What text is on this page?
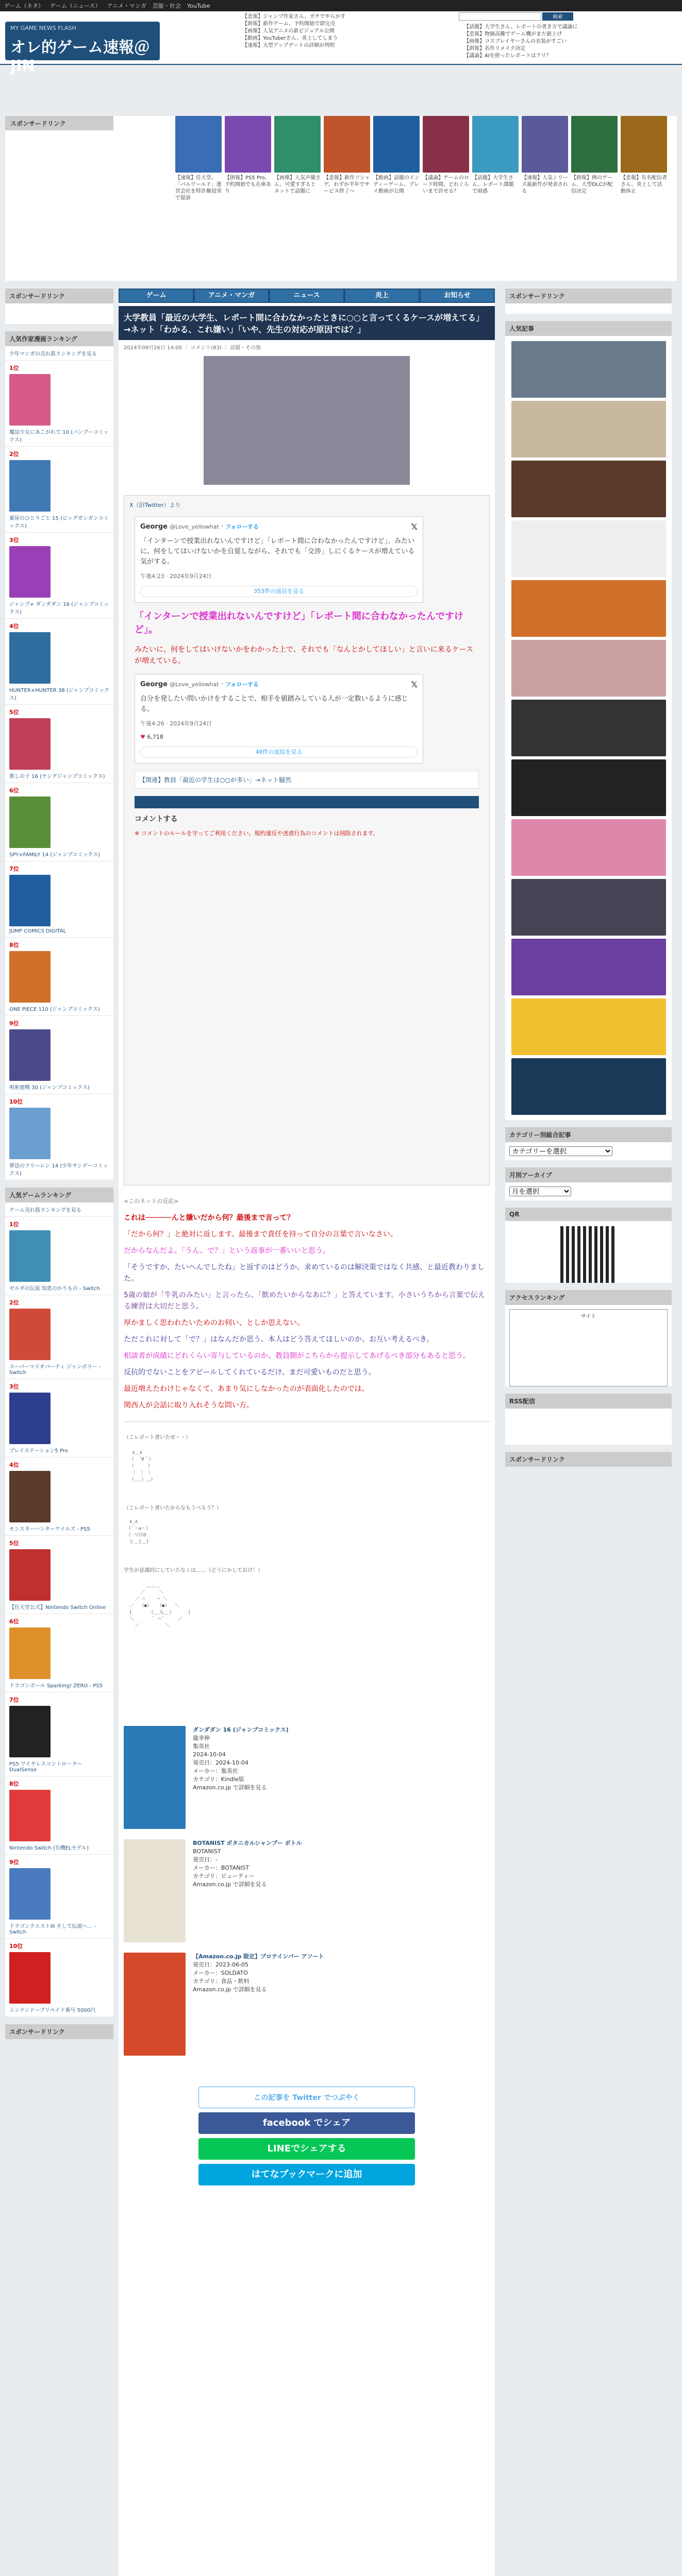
ゲーム（ネタ） ゲーム（ニュース） アニメ・マンガ 芸能・社会 YouTube
MY GAME NEWS FLASH
オレ的ゲーム速報＠JIN
【悲報】ジャンプ作家さん、ガチでやらかす
【朗報】新作ゲーム、予約開始で即完売
【画像】人気アニメの新ビジュアル公開
【動画】YouTuberさん、炎上してしまう
【速報】大型アップデートの詳細が判明
【話題】大学生さん、レポートの書き方で議論に
【悲報】物価高騰でゲーム機がまた値上げ
【画像】コスプレイヤーさんの衣装がすごい
【朗報】名作リメイク決定
【議論】AIを使ったレポートはアリ？
検索
スポンサードリンク
【速報】任天堂、「パルワールド」運営会社を特許権侵害で提訴
【朗報】PS5 Pro、予約開始でも在庫あり
【画像】人気声優さん、可愛すぎるとネットで話題に
【悲報】新作ソシャゲ、わずか半年でサービス終了へ
【動画】話題のインディーゲーム、プレイ動画が公開
【議論】ゲームのロード時間、どれくらいまで許せる？
【話題】大学生さん、レポート課題で困惑
【速報】人気シリーズ最新作が発表される
【朗報】例のゲーム、大型DLCが配信決定
【悲報】有名配信者さん、炎上して活動休止
スポンサードリンク
人気作家漫画ランキング
少年マンガの売れ筋ランキングを見る
1位
魔法少女にあこがれて 10 (バンブーコミックス)
2位
薬屋のひとりごと 15 (ビッグガンガンコミックス)
3位
ジャンプ+ ダンダダン 16 (ジャンプコミックス)
4位
HUNTER×HUNTER 38 (ジャンプコミックス)
5位
推しの子 16 (ヤングジャンプコミックス)
6位
SPY×FAMILY 14 (ジャンプコミックス)
7位
JUMP COMICS DIGITAL
8位
ONE PIECE 110 (ジャンプコミックス)
9位
呪術廻戦 30 (ジャンプコミックス)
10位
葬送のフリーレン 14 (少年サンデーコミックス)
人気ゲームランキング
ゲーム売れ筋ランキングを見る
1位
ゼルダの伝説 知恵のかりもの - Switch
2位
スーパーマリオパーティ ジャンボリー - Switch
3位
プレイステーション5 Pro
4位
モンスターハンターワイルズ - PS5
5位
【任天堂公式】Nintendo Switch Online
6位
ドラゴンボール Sparking! ZERO - PS5
7位
PS5 ワイヤレスコントローラー DualSense
8位
Nintendo Switch (有機ELモデル)
9位
ドラゴンクエストIII そして伝説へ… - Switch
10位
ニンテンドープリペイド番号 5000円
スポンサードリンク
ゲーム	アニメ・マンガ	ニュース	炎上	お知らせ
大学教員「最近の大学生、レポート間に合わなかったときに○○と言ってくるケースが増えてる」→ネット「わかる、これ嫌い」「いや、先生の対応が原因では？」
2024年09月26日 14:00 ｜ コメント(83) ｜ 話題・その他
X（旧Twitter）より
George @Love_yellowhat · フォローする	𝕏

「インターンで授業出れないんですけど」「レポート間に合わなかったんですけど」、みたいに、何をしてはいけないかを自覚しながら、それでも「交渉」しにくるケースが増えている気がする。

午後4:23 · 2024年9月24日
353件の返信を見る
「インターンで授業出れないんですけど」「レポート間に合わなかったんですけど」。
みたいに、何をしてはいけないかをわかった上で、それでも「なんとかしてほしい」と言いに来るケースが増えている。
George @Love_yellowhat · フォローする	𝕏

自分を発したい問いかけをすることで、相手を値踏みしている人が一定数いるように感じる。

午後4:26 · 2024年9月24日
♥ 6,718
49件の返信を見る
【関連】教員「最近の学生は○○が多い」→ネット騒然
コメントする
※ コメントのルールを守ってご利用ください。規約違反や迷惑行為のコメントは削除されます。

<このネットの反応>

これは──────んと嫌いだから何？最後まで言って？

「だから何？」と絶対に返します。最後まで責任を持って自分の言葉で言いなさい。

だからなんだよ。「うん、で？」という返事が一番いいと思う。

「そうですか、たいへんでしたね」と返すのはどうか。求めているのは解決策ではなく共感、と最近教わりました。

5歳の娘が「牛乳のみたい」と言ったら、「飲めたいからなあに？」と答えています。小さいうちから言葉で伝える練習は大切だと思う。

厚かましく思われたいためのお伺い、としか思えない。

ただこれに対して「で？」はなんだか思う。本人はどう答えてほしいのか、お互い考えるべき。

相談者が成績にどれくらい寄与しているのか、教員側がこちらから提示してあげるべき部分もあると思う。

反抗的でないことをアピールしてくれているだけ、まだ可愛いものだと思う。

最近増えたわけじゃなくて、あまり気にしなかったのが表面化したのでは。

関西人が会話に取り入れそうな問い方。

（こレポート書いたぜ・・）

∧＿∧
（　´∀｀）
（　　　）
｜ ｜ ｜
（_＿）＿）

（こレポート書いたからなもうべるう？）

∧_∧
（´・ω・）
（ つ旦O
と＿)＿)

学生が意識的にしていたなくは……（どうにかしておけ！）

＿＿＿
／　　　＼
／ ─　　 ─ ＼
／  （●）  （●）  ＼
|      （__人__）     |
＼      ｀ ⌒´     ／
／　　　　　 ＼
ダンダダン 16 (ジャンプコミックス)
龍幸伸
集英社
2024-10-04
発売日：2024-10-04
メーカー：集英社
カテゴリ：Kindle版
Amazon.co.jp で詳細を見る
BOTANIST ボタニカルシャンプー ボトル
BOTANIST
発売日：-
メーカー：BOTANIST
カテゴリ：ビューティー
Amazon.co.jp で詳細を見る
【Amazon.co.jp 限定】プロテインバー アソート
発売日：2023-06-05
メーカー：SOLDATO
カテゴリ：食品・飲料
Amazon.co.jp で詳細を見る
この記事を Twitter でつぶやく
facebook でシェア
LINEでシェアする
はてなブックマークに追加
スポンサードリンク
人気記事
カテゴリー別総合記事
カテゴリーを選択
月別アーカイブ
月を選択
QR
アクセスランキング
サイト
RSS配信
スポンサードリンク
